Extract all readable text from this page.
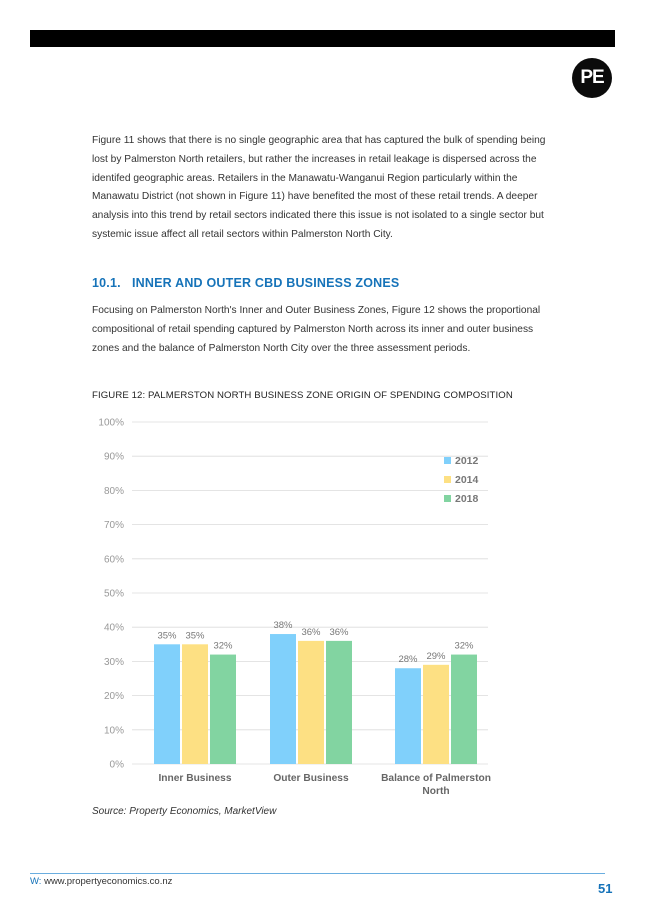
P E

Figure 11 shows that there is no single geographic area that has captured the bulk of spending being lost by Palmerston North retailers, but rather the increases in retail leakage is dispersed across the identifed geographic areas. Retailers in the Manawatu-Wanganui Region particularly within the Manawatu District (not shown in Figure 11) have benefited the most of these retail trends. A deeper analysis into this trend by retail sectors indicated there this issue is not isolated to a single sector but systemic issue affect all retail sectors within Palmerston North City.

10.1. INNER AND OUTER CBD BUSINESS ZONES

Focusing on Palmerston North's Inner and Outer Business Zones, Figure 12 shows the proportional compositional of retail spending captured by Palmerston North across its inner and outer business zones and the balance of Palmerston North City over the three assessment periods.

FIGURE 12: PALMERSTON NORTH BUSINESS ZONE ORIGIN OF SPENDING COMPOSITION

0%
10%
20%
30%
40%
50%
60%
70%
80%
90%
100%
35% 35%
32%
Inner Business
38%
36% 36%
Outer Business
28% 29%
32%
Balance of Palmerston
North
2012
2014
2018

Source: Property Economics, MarketView

W: www.propertyeconomics.co.nz	51
